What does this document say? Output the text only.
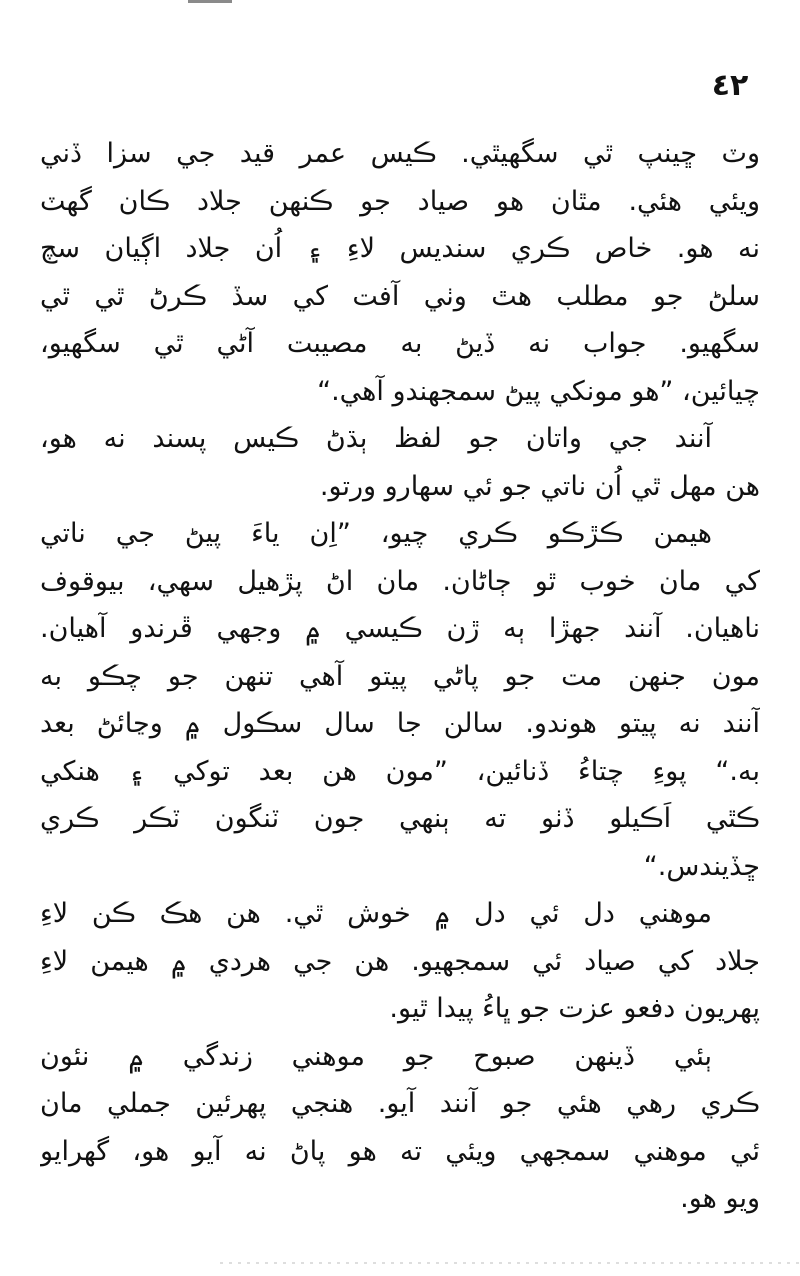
٤٢
وٽ ڇينپ ٿي سگهيٿي. ڪيس عمر قيد جي سزا ڏني
ويئي هئي. مٿان هو صياد جو ڪنهن جلاد ڪان گهٽ
نه هو. خاص ڪري سنديس لاءِ ۽ اُن جلاد اڳيان سچ
سلڻ جو مطلب هٿ وٺي آفت کي سڏ ڪرڻ ٿي ٿي
سگهيو. جواب نه ڏيڻ به مصيبت آڻي ٿي سگهيو،
چيائين، ”هو مونکي پيڻ سمجهندو آهي.“
آنند جي واتان جو لفظ ٻڌڻ ڪيس پسند نه هو،
هن مهل ٿي اُن ناتي جو ئي سهارو ورتو.
هيمن ڪڙڪو ڪري چيو، ”اِن ياءَ پيڻ جي ناتي
کي مان خوب ٿو ڄاڻان. مان اڻ پڙهيل سهي، بيوقوف
ناهيان. آنند جهڙا ٻه ڙن ڪيسي ۾ وجهي ڦرندو آهيان.
مون جنهن مت جو پاڻي پيتو آهي تنهن جو چڪو به
آنند نه پيتو هوندو. سالن جا سال سڪول ۾ وڃائڻ بعد
به.“ پوءِ چتاءُ ڏنائين، ”مون هن بعد توکي ۽ هنکي
ڪٿي اَڪيلو ڏٺو ته ٻنهي جون ٽنگون ٽڪر ڪري
ڇڏيندس.“
موهني دل ئي دل ۾ خوش ٿي. هن هڪ ڪن لاءِ
جلاد کي صياد ئي سمجهيو. هن جي هردي ۾ هيمن لاءِ
پهريون دفعو عزت جو ڀاءُ پيدا ٿيو.
ٻئي ڏينهن صبوح جو موهني زندگي ۾ نئون
ڪري رهي هئي جو آنند آيو. هنجي پهرئين جملي مان
ئي موهني سمجهي ويئي ته هو پاڻ نه آيو هو، گهرايو
ويو هو.
